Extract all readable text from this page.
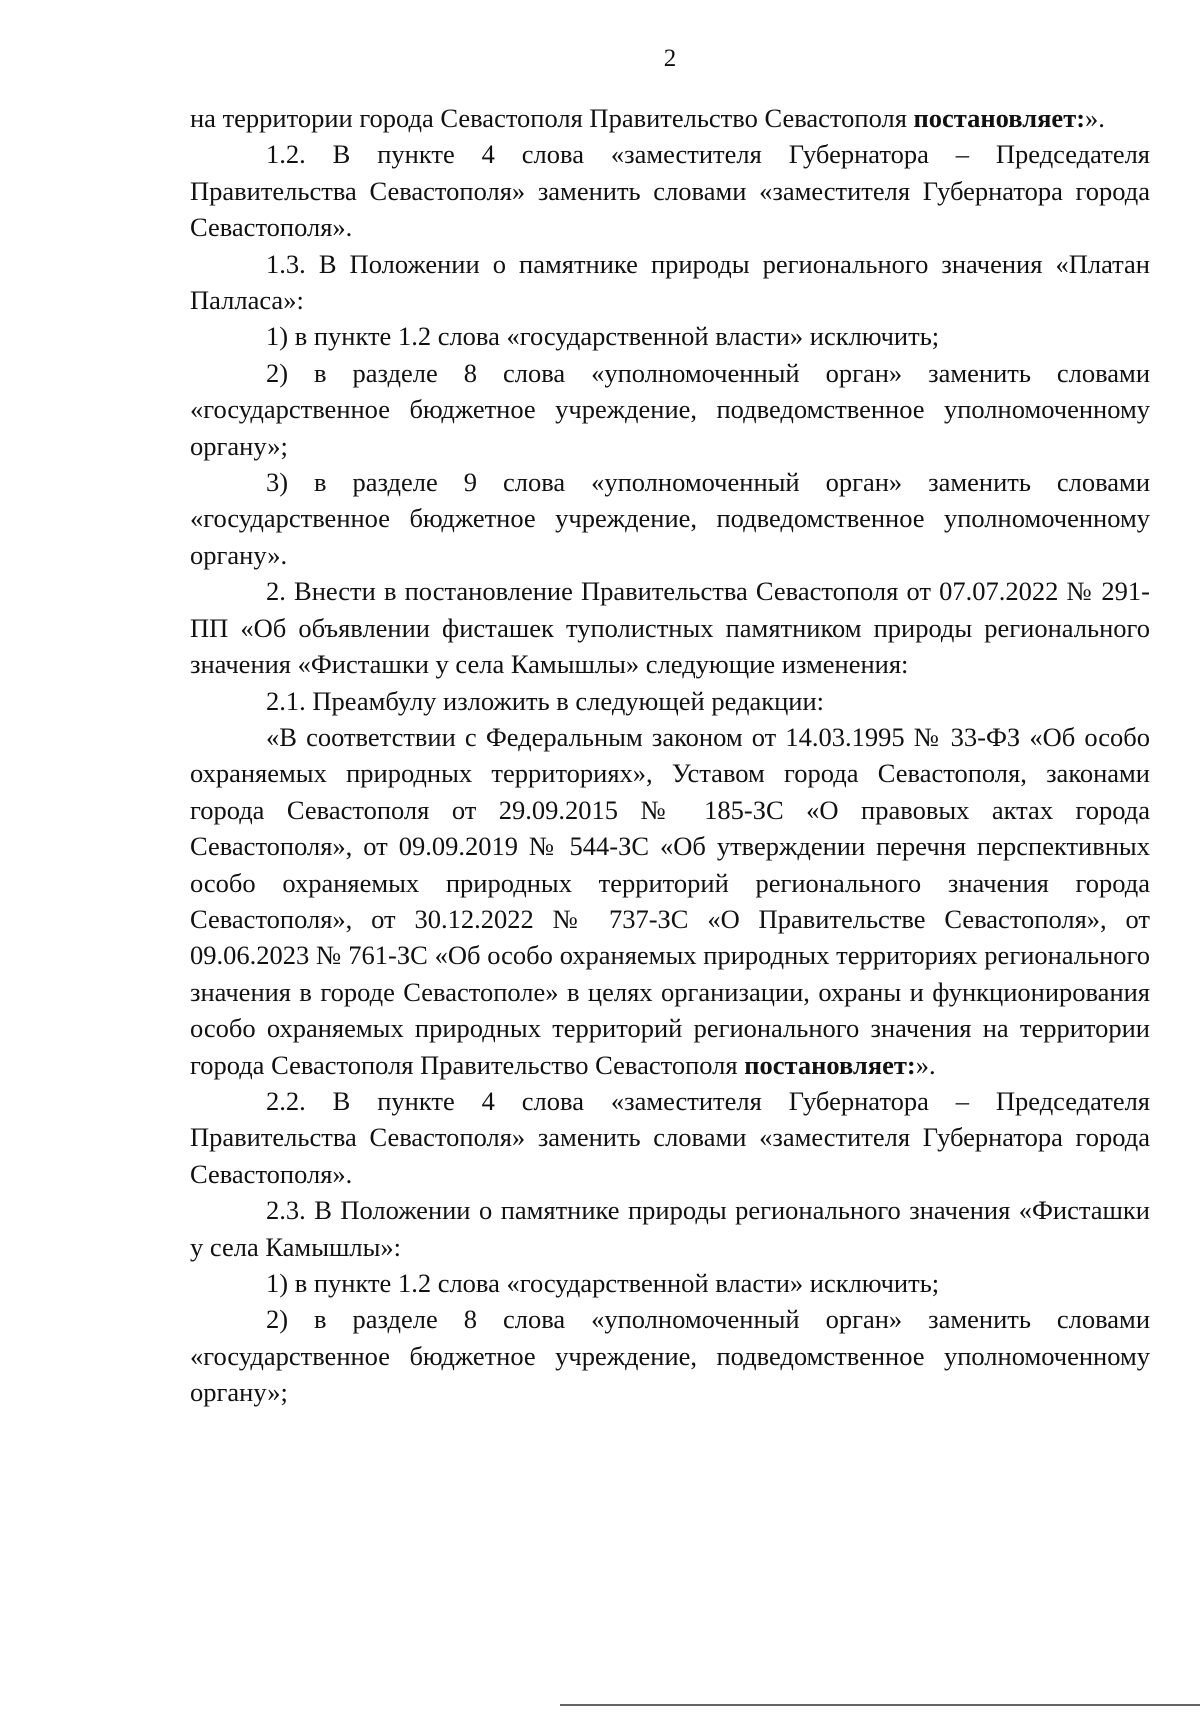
2

на территории города Севастополя Правительство Севастополя постановляет:».

1.2. В пункте 4 слова «заместителя Губернатора – Председателя Правительства Севастополя» заменить словами «заместителя Губернатора города Севастополя».

1.3. В Положении о памятнике природы регионального значения «Платан Палласа»:

1) в пункте 1.2 слова «государственной власти» исключить;

2) в разделе 8 слова «уполномоченный орган» заменить словами «государственное бюджетное учреждение, подведомственное уполномоченному органу»;

3) в разделе 9 слова «уполномоченный орган» заменить словами «государственное бюджетное учреждение, подведомственное уполномоченному органу».

2. Внести в постановление Правительства Севастополя от 07.07.2022 № 291-ПП «Об объявлении фисташек туполистных памятником природы регионального значения «Фисташки у села Камышлы» следующие изменения:

2.1. Преамбулу изложить в следующей редакции:

«В соответствии с Федеральным законом от 14.03.1995 № 33-ФЗ «Об особо охраняемых природных территориях», Уставом города Севастополя, законами города Севастополя от 29.09.2015 № 185-ЗС «О правовых актах города Севастополя», от 09.09.2019 № 544-ЗС «Об утверждении перечня перспективных особо охраняемых природных территорий регионального значения города Севастополя», от 30.12.2022 № 737-ЗС «О Правительстве Севастополя», от 09.06.2023 № 761-ЗС «Об особо охраняемых природных территориях регионального значения в городе Севастополе» в целях организации, охраны и функционирования особо охраняемых природных территорий регионального значения на территории города Севастополя Правительство Севастополя постановляет:».

2.2. В пункте 4 слова «заместителя Губернатора – Председателя Правительства Севастополя» заменить словами «заместителя Губернатора города Севастополя».

2.3. В Положении о памятнике природы регионального значения «Фисташки у села Камышлы»:

1) в пункте 1.2 слова «государственной власти» исключить;

2) в разделе 8 слова «уполномоченный орган» заменить словами «государственное бюджетное учреждение, подведомственное уполномоченному органу»;
